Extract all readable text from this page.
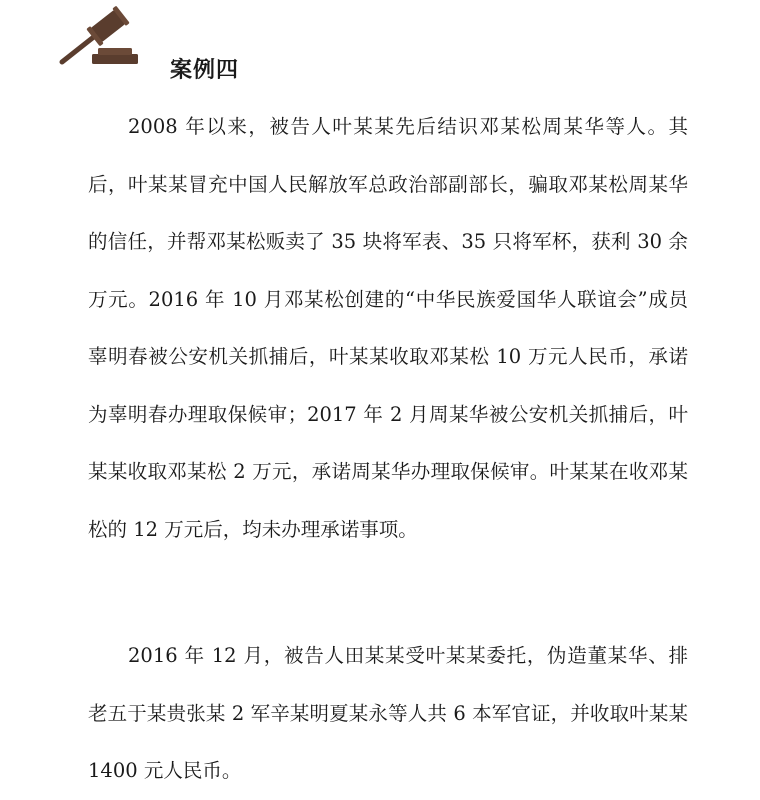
案例四

2008 年以来，被告人叶某某先后结识邓某松周某华等人。其后，叶某某冒充中国人民解放军总政治部副部长，骗取邓某松周某华的信任，并帮邓某松贩卖了 35 块将军表、35 只将军杯，获利 30 余万元。2016 年 10 月邓某松创建的“中华民族爱国华人联谊会”成员辜明春被公安机关抓捕后，叶某某收取邓某松 10 万元人民币，承诺为辜明春办理取保候审；2017 年 2 月周某华被公安机关抓捕后，叶某某收取邓某松 2 万元，承诺周某华办理取保候审。叶某某在收邓某松的 12 万元后，均未办理承诺事项。

2016 年 12 月，被告人田某某受叶某某委托，伪造董某华、排老五于某贵张某 2 军辛某明夏某永等人共 6 本军官证，并收取叶某某 1400 元人民币。
